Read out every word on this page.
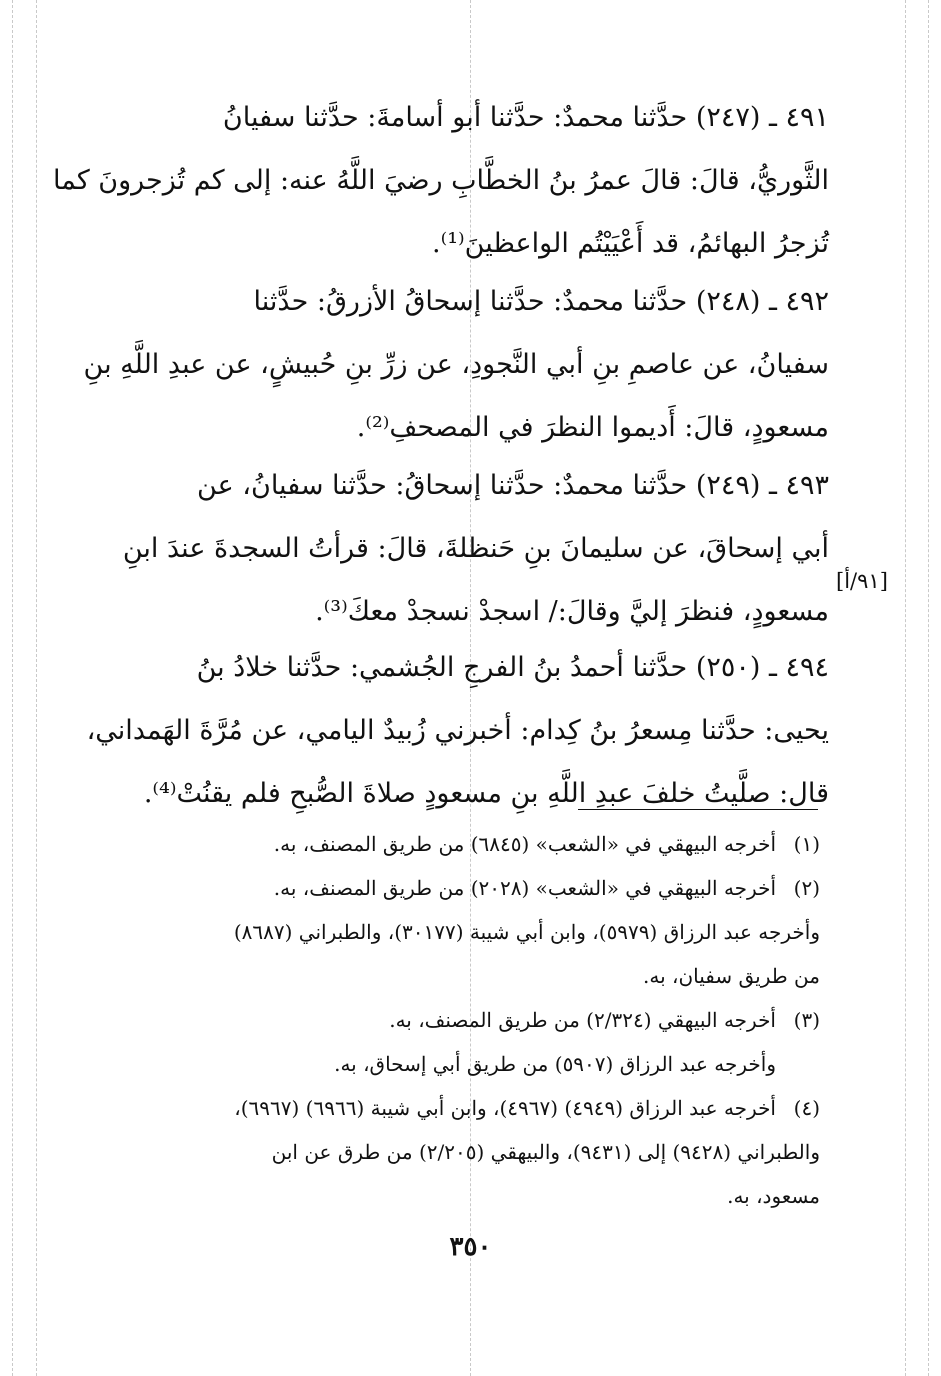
٤٩١ ـ (٢٤٧) حدَّثنا محمدٌ: حدَّثنا أبو أسامةَ: حدَّثنا سفيانُ
الثَّوريُّ، قالَ: قالَ عمرُ بنُ الخطَّابِ رضيَ اللَّهُ عنه: إلى كم تُزجرونَ كما
تُزجرُ البهائمُ، قد أَعْيَيْتُم الواعظينَ⁽¹⁾.
٤٩٢ ـ (٢٤٨) حدَّثنا محمدٌ: حدَّثنا إسحاقُ الأزرقُ: حدَّثنا
سفيانُ، عن عاصمِ بنِ أبي النَّجودِ، عن زرِّ بنِ حُبيشٍ، عن عبدِ اللَّهِ بنِ
مسعودٍ، قالَ: أَديموا النظرَ في المصحفِ⁽²⁾.
٤٩٣ ـ (٢٤٩) حدَّثنا محمدٌ: حدَّثنا إسحاقُ: حدَّثنا سفيانُ، عن
أبي إسحاقَ، عن سليمانَ بنِ حَنظلةَ، قالَ: قرأتُ السجدةَ عندَ ابنِ
مسعودٍ، فنظرَ إليَّ وقالَ:/ اسجدْ نسجدْ معكَ⁽³⁾.
[٩١/أ]
٤٩٤ ـ (٢٥٠) حدَّثنا أحمدُ بنُ الفرجِ الجُشمي: حدَّثنا خلادُ بنُ
يحيى: حدَّثنا مِسعرُ بنُ كِدام: أخبرني زُبيدٌ اليامي، عن مُرَّةَ الهَمداني،
قال: صلَّيتُ خلفَ عبدِ اللَّهِ بنِ مسعودٍ صلاةَ الصُّبحِ فلم يقنُتْ⁽⁴⁾.
(١)أخرجه البيهقي في «الشعب» (٦٨٤٥) من طريق المصنف، به.
(٢)أخرجه البيهقي في «الشعب» (٢٠٢٨) من طريق المصنف، به.
وأخرجه عبد الرزاق (٥٩٧٩)، وابن أبي شيبة (٣٠١٧٧)، والطبراني (٨٦٨٧)
من طريق سفيان، به.
(٣)أخرجه البيهقي (٢/٣٢٤) من طريق المصنف، به.
وأخرجه عبد الرزاق (٥٩٠٧) من طريق أبي إسحاق، به.
(٤)أخرجه عبد الرزاق (٤٩٤٩) (٤٩٦٧)، وابن أبي شيبة (٦٩٦٦) (٦٩٦٧)،
والطبراني (٩٤٢٨) إلى (٩٤٣١)، والبيهقي (٢/٢٠٥) من طرق عن ابن
مسعود، به.
٣٥٠
